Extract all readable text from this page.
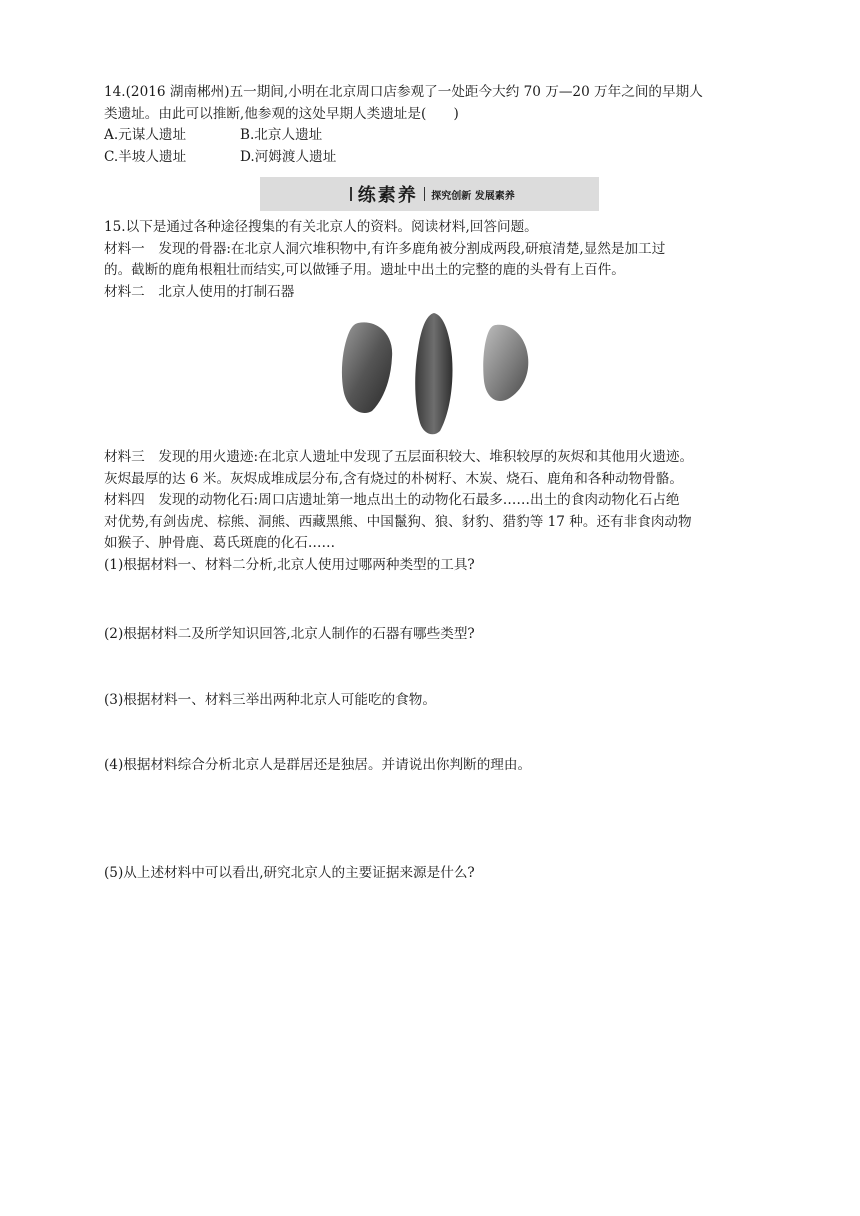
14.(2016 湖南郴州)五一期间,小明在北京周口店参观了一处距今大约 70 万—20 万年之间的早期人
类遗址。由此可以推断,他参观的这处早期人类遗址是(　　)
A.元谋人遗址	B.北京人遗址
C.半坡人遗址	D.河姆渡人遗址
练素养 探究创新 发展素养
15.以下是通过各种途径搜集的有关北京人的资料。阅读材料,回答问题。
材料一　发现的骨器:在北京人洞穴堆积物中,有许多鹿角被分割成两段,研痕清楚,显然是加工过
的。截断的鹿角根粗壮而结实,可以做锤子用。遗址中出土的完整的鹿的头骨有上百件。
材料二　北京人使用的打制石器
材料三　发现的用火遗迹:在北京人遗址中发现了五层面积较大、堆积较厚的灰烬和其他用火遗迹。
灰烬最厚的达 6 米。灰烬成堆成层分布,含有烧过的朴树籽、木炭、烧石、鹿角和各种动物骨骼。
材料四　发现的动物化石:周口店遗址第一地点出土的动物化石最多……出土的食肉动物化石占绝
对优势,有剑齿虎、棕熊、洞熊、西藏黑熊、中国鬣狗、狼、豺豹、猎豹等 17 种。还有非食肉动物
如猴子、肿骨鹿、葛氏斑鹿的化石……
(1)根据材料一、材料二分析,北京人使用过哪两种类型的工具?
(2)根据材料二及所学知识回答,北京人制作的石器有哪些类型?
(3)根据材料一、材料三举出两种北京人可能吃的食物。
(4)根据材料综合分析北京人是群居还是独居。并请说出你判断的理由。
(5)从上述材料中可以看出,研究北京人的主要证据来源是什么?
